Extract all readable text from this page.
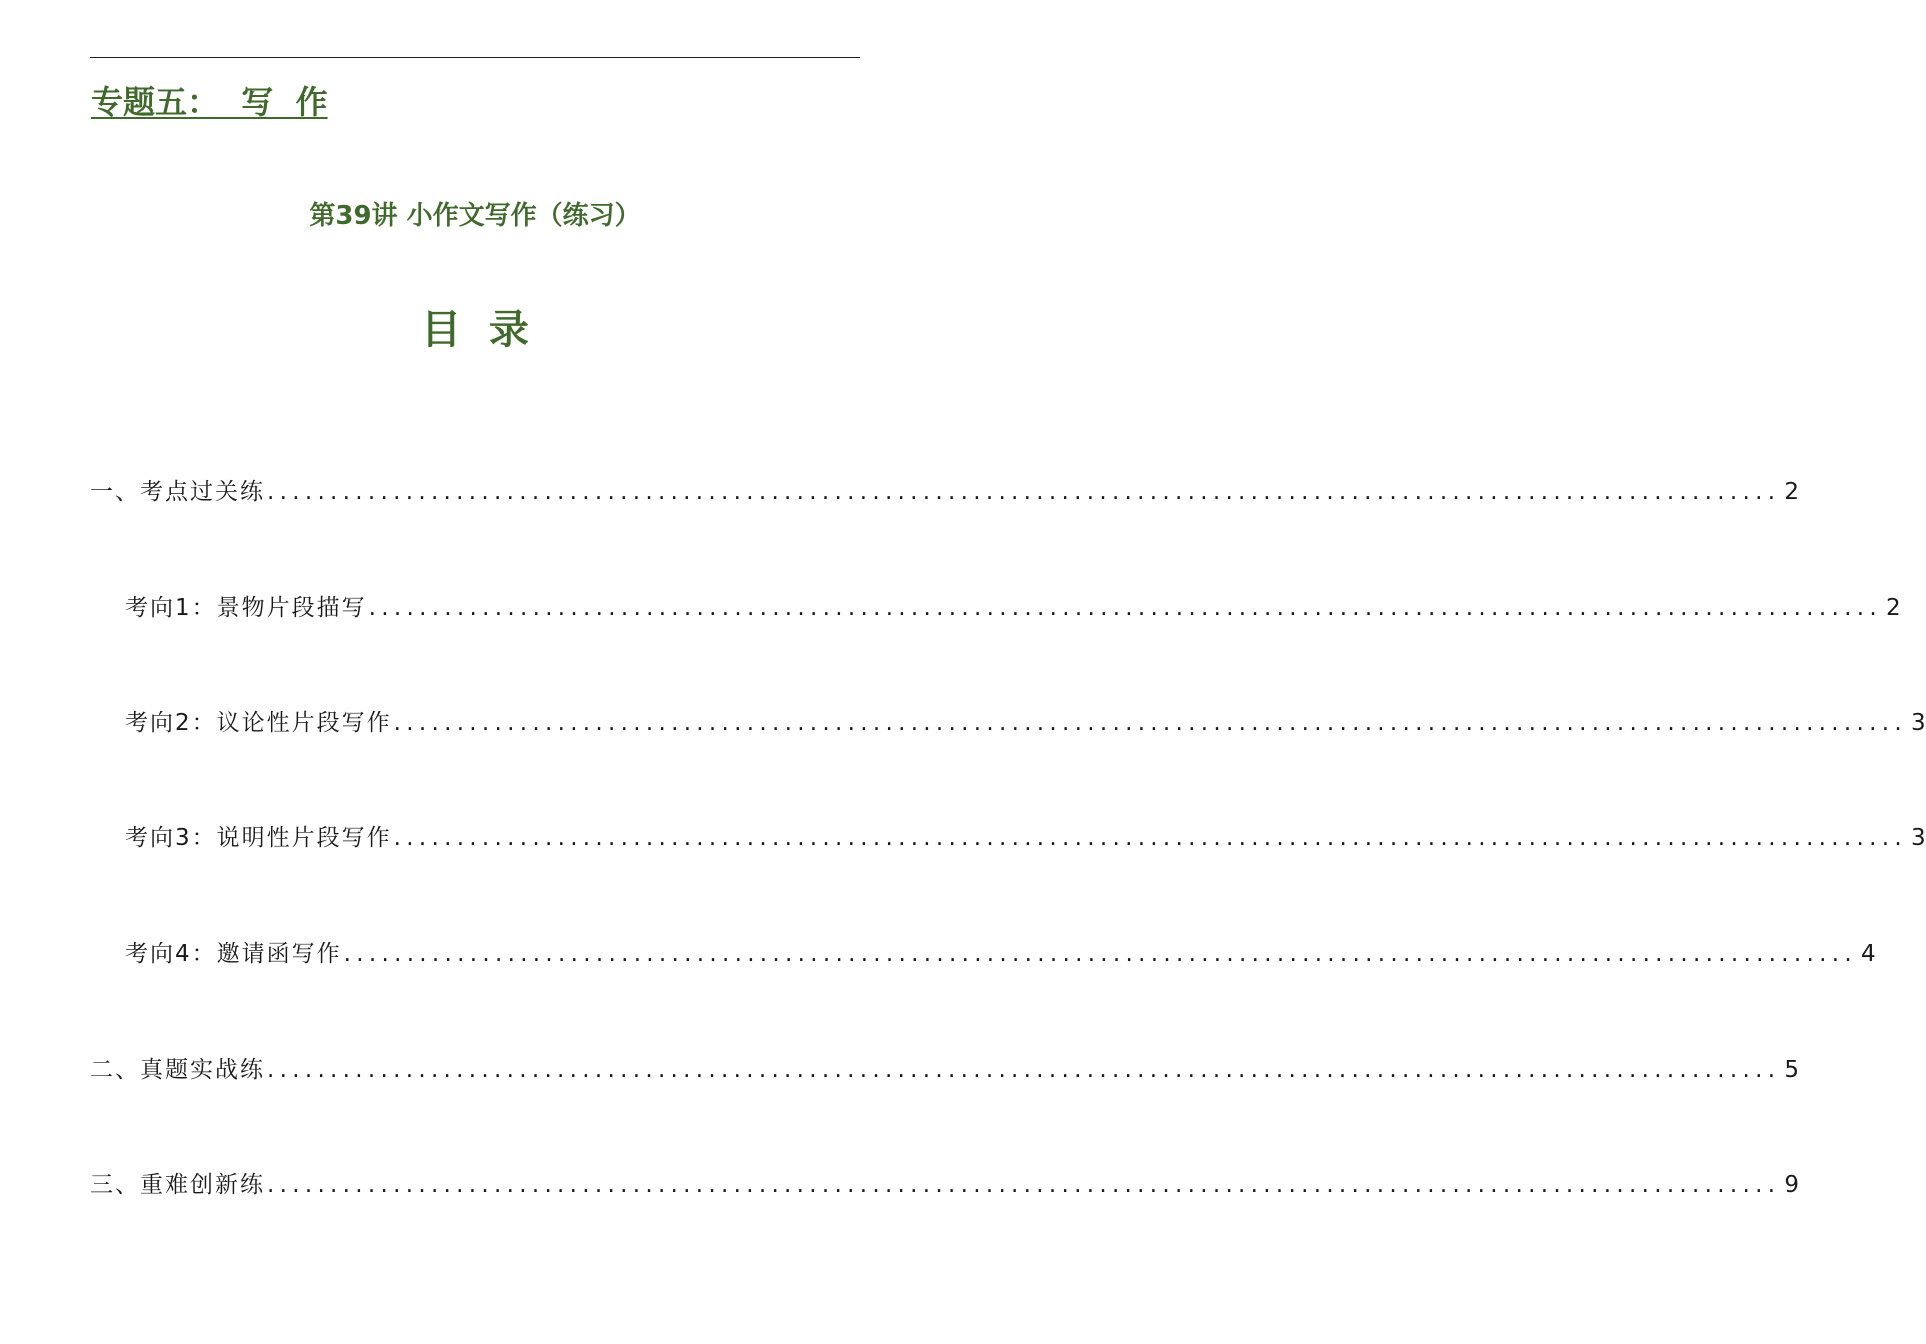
专题五：  写  作
第39讲 小作文写作（练习）
目  录
一、考点过关练 ........................................................................................................................ 2
考向1：景物片段描写 ........................................................................................................................ 2
考向2：议论性片段写作 ........................................................................................................................ 3
考向3：说明性片段写作 ........................................................................................................................ 3
考向4：邀请函写作 ........................................................................................................................ 4
二、真题实战练 ........................................................................................................................ 5
三、重难创新练 ........................................................................................................................ 9
